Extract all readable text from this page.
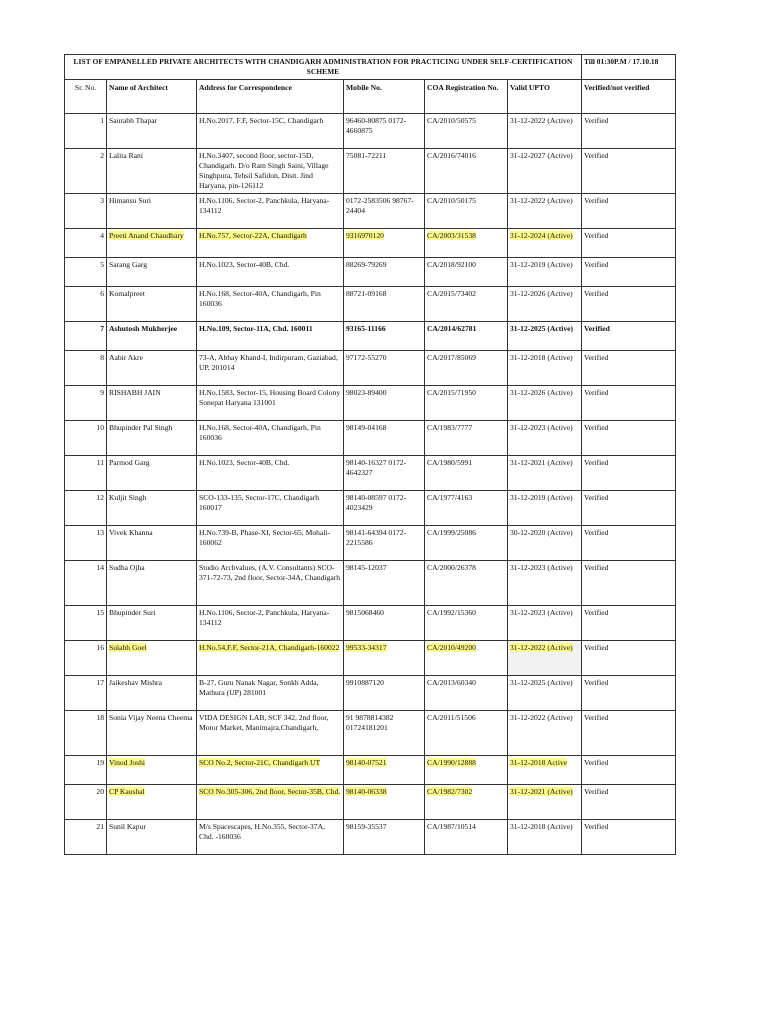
LIST OF EMPANELLED PRIVATE ARCHITECTS WITH CHANDIGARH ADMINISTRATION FOR PRACTICING UNDER SELF-CERTIFICATION SCHEME						Till 01:30P.M / 17.10.18
Sr. No.	Name of Architect	Address for Correspondence	Mobile No.	COA Registration No.	Valid UPTO	Verified/not verified
1	Saurabh Thapar	H.No.2017, F.F, Sector-15C, Chandigarh	96460-80875 0172-4660875	CA/2010/50575	31-12-2022 (Active)	Verified
2	Lalita Rani	H.No.3407, second floor, sector-15D, Chandigarh. D/o Ram Singh Saini, Village Singhpura, Tehsil Safidon, Distt. Jind Haryana, pin-126112	75081-72211	CA/2016/74016	31-12-2027 (Active)	Verified
3	Himansu Suri	H.No.1106, Sector-2, Panchkula, Haryana-134112	0172-2583506 98767-24404	CA/2010/50175	31-12-2022 (Active)	Verified
4	Preeti Anand Chaudhary	H.No.757, Sector-22A, Chandigarh	9316970120	CA/2003/31538	31-12-2024 (Active)	Verified
5	Sarang Garg	H.No.1023, Sector-40B, Chd.	88269-79269	CA/2018/92100	31-12-2019 (Active)	Verified
6	Komalpreet	H.No.168, Sector-40A, Chandigarh, Pin 160036	88721-09168	CA/2015/73402	31-12-2026 (Active)	Verified
7	Ashutosh Mukherjee	H.No.109, Sector-11A, Chd. 160011	93165-11166	CA/2014/62781	31-12-2025 (Active)	Verified
8	Aabir Akre	73-A, Abhay Khand-I, Indirpuram, Gaziabad, UP, 201014	97172-55270	CA/2017/85069	31-12-2018 (Active)	Verified
9	RISHABH JAIN	H.No.1583, Sector-15, Housing Board Colony Sonepat Haryana 131001	98023-89400	CA/2015/71950	31-12-2026 (Active)	Verified
10	Bhupinder Pal Singh	H.No.168, Sector-40A, Chandigarh, Pin 160036	98149-04168	CA/1983/7777	31-12-2023 (Active)	Verified
11	Parmod Garg	H.No.1023, Sector-40B, Chd.	98140-16327 0172-4642327	CA/1980/5991	31-12-2021 (Active)	Verified
12	Kuljit Singh	SCO-133-135, Sector-17C, Chandigarh 160017	98140-08597 0172-4023429	CA/1977/4163	31-12-2019 (Active)	Verified
13	Vivek Khanna	H.No.739-B, Phase-XI, Sector-65, Mohali-160062	98141-64394 0172-2215586	CA/1999/25086	30-12-2020 (Active)	Verified
14	Sudha Ojha	Studio Archvalues, (A.V. Consultants) SCO-371-72-73, 2nd floor, Sector-34A, Chandigarh	98145-12037	CA/2000/26378	31-12-2023 (Active)	Verified
15	Bhupinder Suri	H.No.1106, Sector-2, Panchkula, Haryana-134112	9815068460	CA/1992/15360	31-12-2023 (Active)	Verified
16	Sulabh Goel	H.No.54,F.F, Sector-21A, Chandigarh-160022	99533-34317	CA/2010/49200	31-12-2022 (Active)	Verified
17	Jaikeshav Mishra	B-27, Guru Nanak Nagar, Sonkh Adda, Mathura (UP) 281001	9910887120	CA/2013/60340	31-12-2025 (Active)	Verified
18	Sonia Vijay Neena Cheema	VIDA DESIGN LAB, SCF 342, 2nd floor, Motor Market, Manimajra,Chandigarh,	91 9878814382 01724181201	CA/2011/51506	31-12-2022 (Active)	Verified
19	Vinod Joshi	SCO No.2, Sector-21C, Chandigarh UT	98140-07521	CA/1990/12888	31-12-2018 Active	Verified
20	CP Kaushal	SCO No.305-306, 2nd floor, Sector-35B, Chd.	98140-06338	CA/1982/7302	31-12-2021 (Active)	Verified
21	Sunil Kapur	M/s Spacescapes, H.No.355, Sector-37A, Chd. -160036	98159-35537	CA/1987/10514	31-12-2018 (Active)	Verified
